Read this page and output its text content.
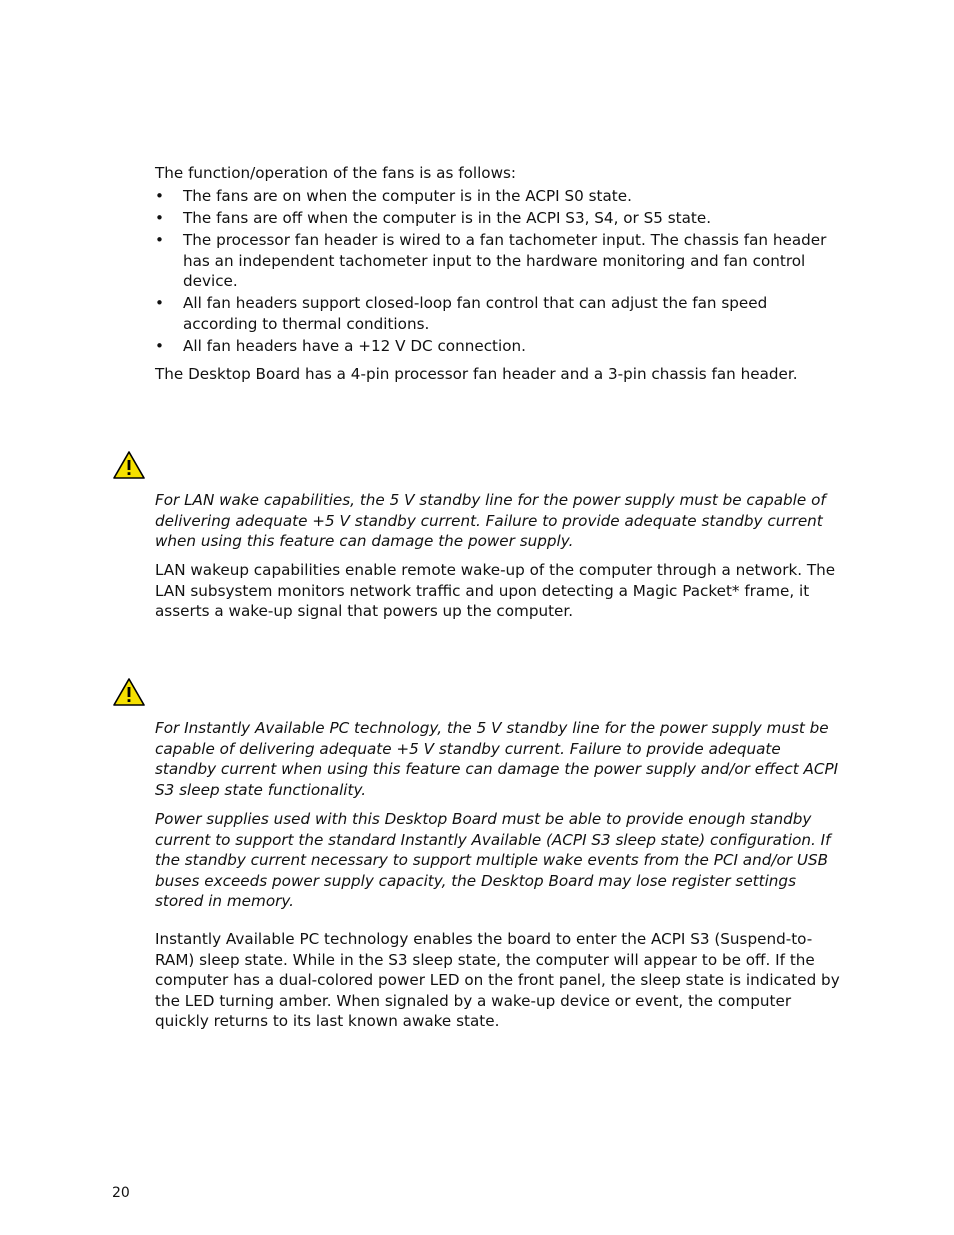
The function/operation of the fans is as follows:

• The fans are on when the computer is in the ACPI S0 state.
• The fans are off when the computer is in the ACPI S3, S4, or S5 state.
• The processor fan header is wired to a fan tachometer input. The chassis fan header has an independent tachometer input to the hardware monitoring and fan control device.
• All fan headers support closed-loop fan control that can adjust the fan speed according to thermal conditions.
• All fan headers have a +12 V DC connection.

The Desktop Board has a 4-pin processor fan header and a 3-pin chassis fan header.

For LAN wake capabilities, the 5 V standby line for the power supply must be capable of delivering adequate +5 V standby current. Failure to provide adequate standby current when using this feature can damage the power supply.

LAN wakeup capabilities enable remote wake-up of the computer through a network. The LAN subsystem monitors network traffic and upon detecting a Magic Packet* frame, it asserts a wake-up signal that powers up the computer.

For Instantly Available PC technology, the 5 V standby line for the power supply must be capable of delivering adequate +5 V standby current. Failure to provide adequate standby current when using this feature can damage the power supply and/or effect ACPI S3 sleep state functionality.

Power supplies used with this Desktop Board must be able to provide enough standby current to support the standard Instantly Available (ACPI S3 sleep state) configuration. If the standby current necessary to support multiple wake events from the PCI and/or USB buses exceeds power supply capacity, the Desktop Board may lose register settings stored in memory.

Instantly Available PC technology enables the board to enter the ACPI S3 (Suspend-to-RAM) sleep state. While in the S3 sleep state, the computer will appear to be off. If the computer has a dual-colored power LED on the front panel, the sleep state is indicated by the LED turning amber. When signaled by a wake-up device or event, the computer quickly returns to its last known awake state.

20
